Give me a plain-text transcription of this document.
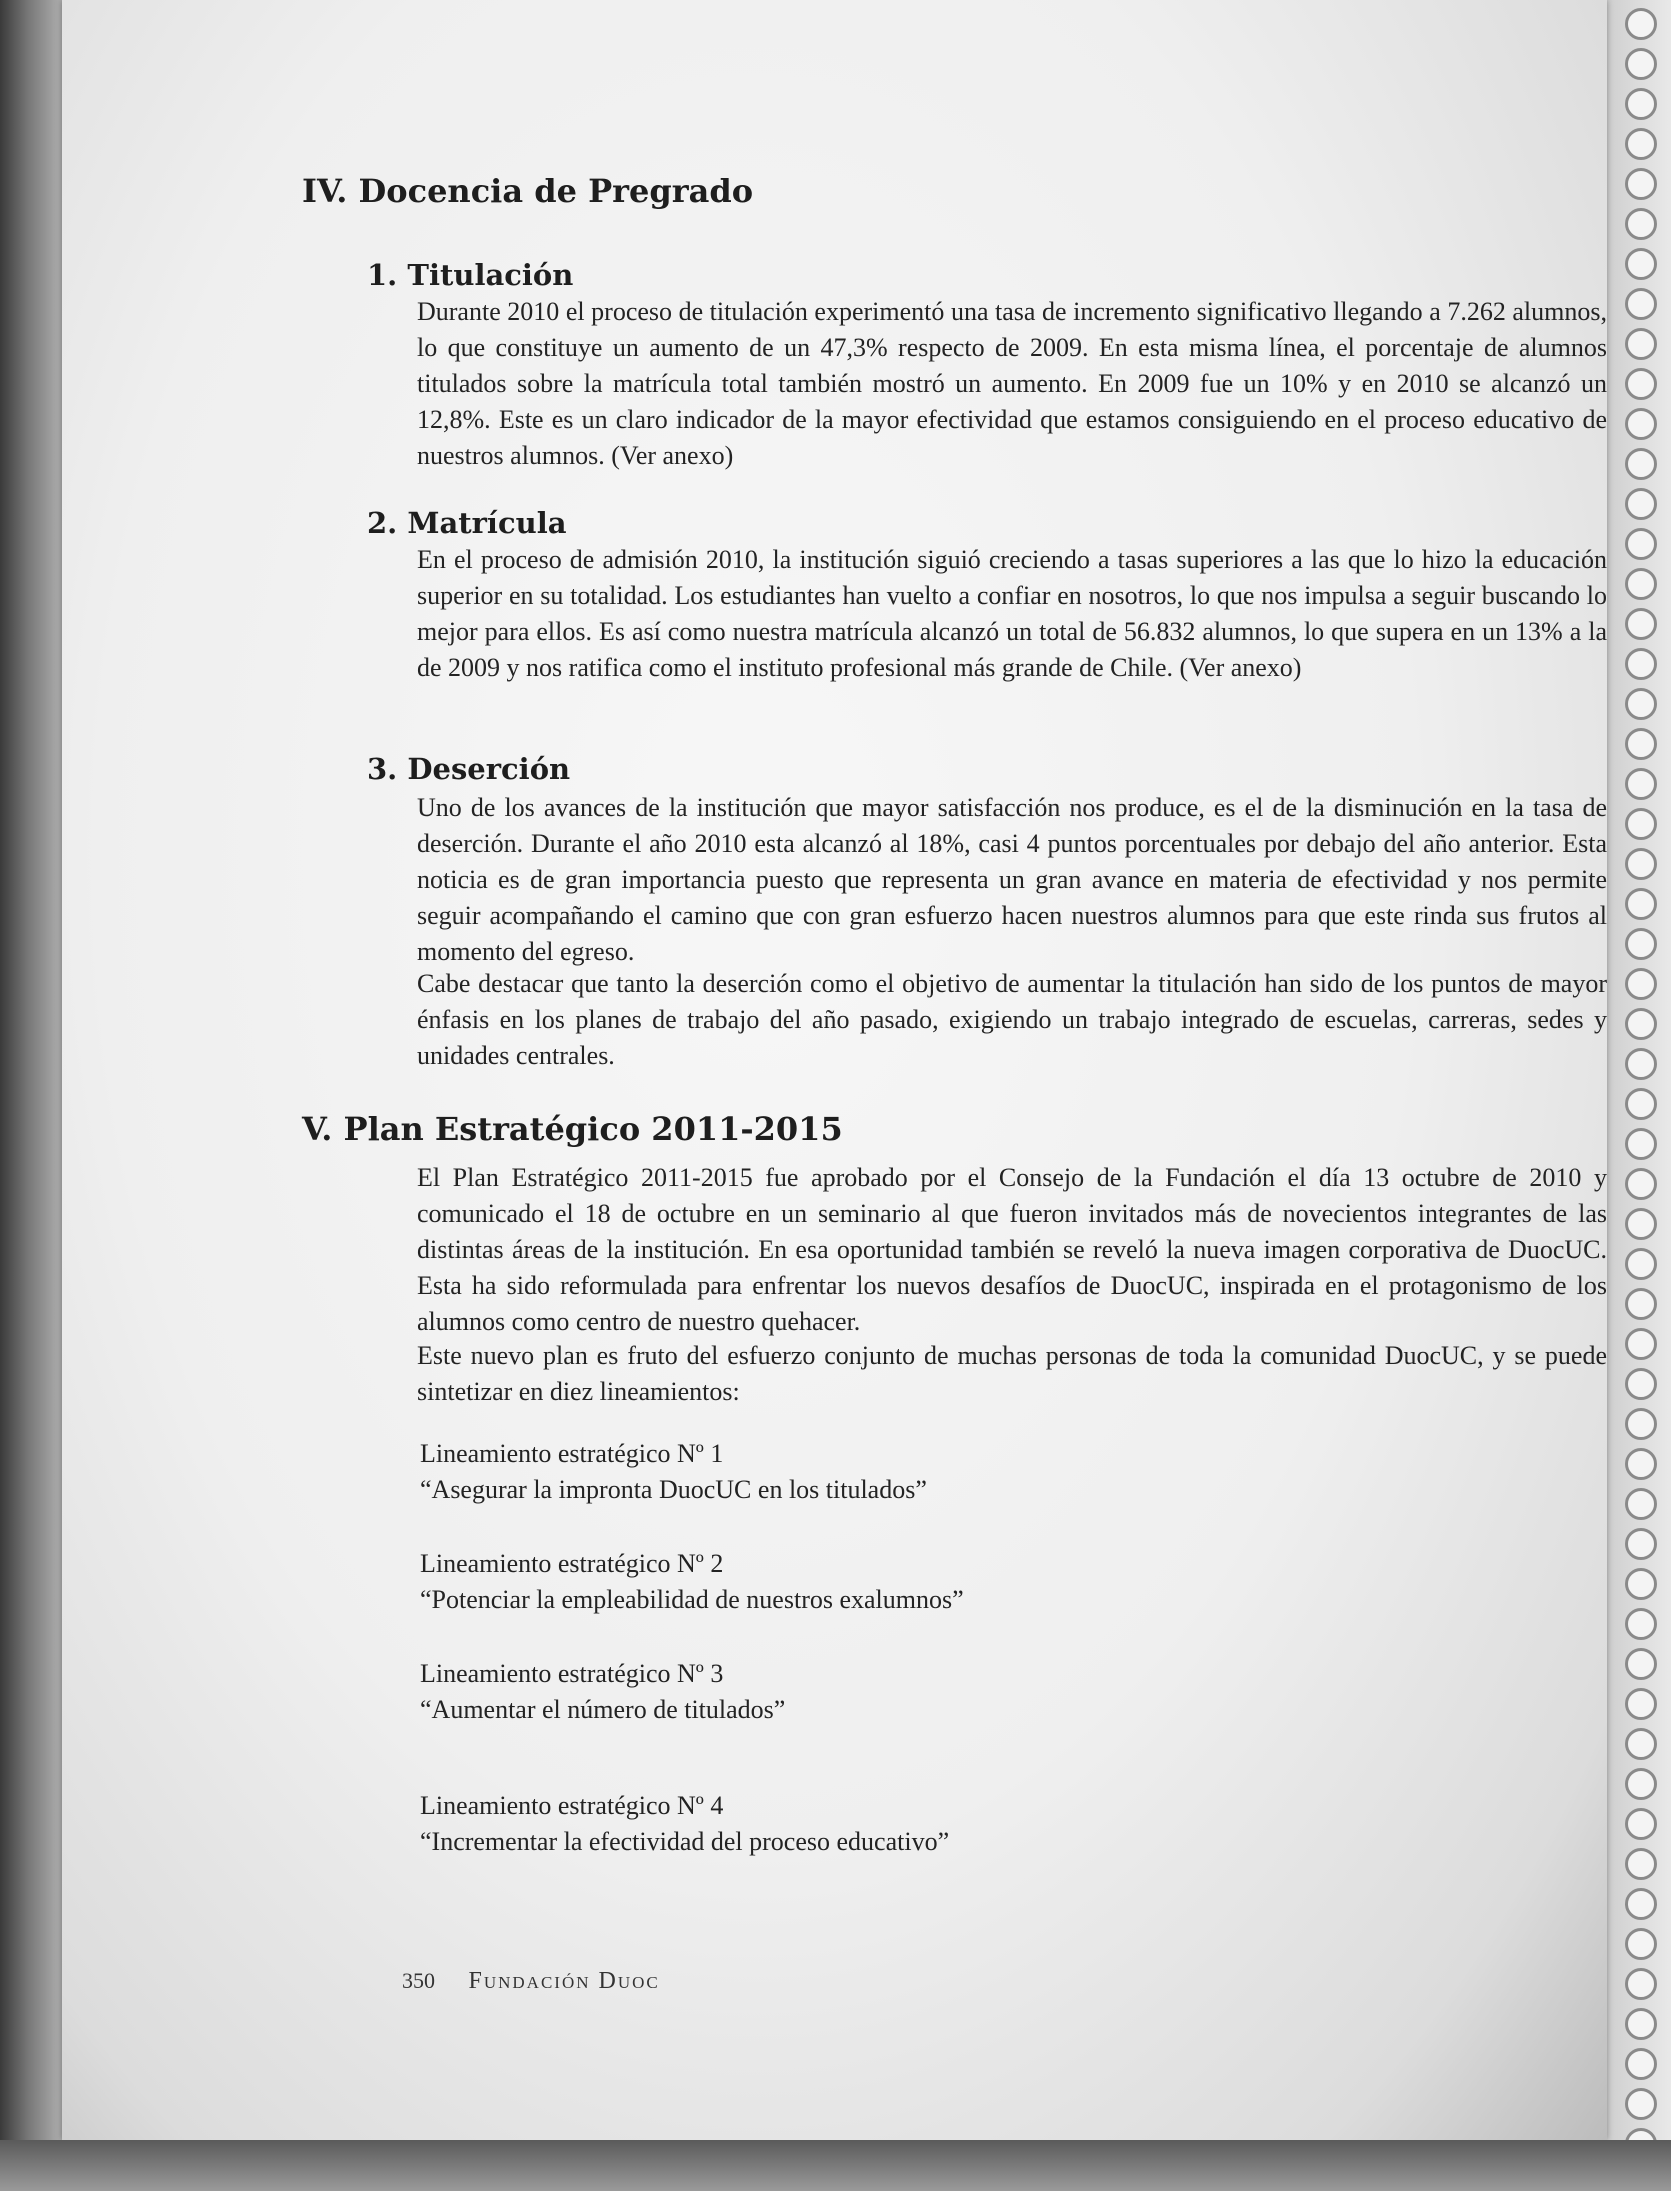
IV. Docencia de Pregrado
1. Titulación

Durante 2010 el proceso de titulación experimentó una tasa de incremento significativo llegando a 7.262 alumnos, lo que constituye un aumento de un 47,3% respecto de 2009. En esta misma línea, el porcentaje de alumnos titulados sobre la matrícula total también mostró un aumento. En 2009 fue un 10% y en 2010 se alcanzó un 12,8%. Este es un claro indicador de la mayor efectividad que estamos consiguiendo en el proceso educativo de nuestros alumnos. (Ver anexo)

2. Matrícula

En el proceso de admisión 2010, la institución siguió creciendo a tasas superiores a las que lo hizo la educación superior en su totalidad. Los estudiantes han vuelto a confiar en nosotros, lo que nos impulsa a seguir buscando lo mejor para ellos. Es así como nuestra matrícula alcanzó un total de 56.832 alumnos, lo que supera en un 13% a la de 2009 y nos ratifica como el instituto profesional más grande de Chile. (Ver anexo)

3. Deserción

Uno de los avances de la institución que mayor satisfacción nos produce, es el de la disminución en la tasa de deserción. Durante el año 2010 esta alcanzó al 18%, casi 4 puntos porcentuales por debajo del año anterior. Esta noticia es de gran importancia puesto que representa un gran avance en materia de efectividad y nos permite seguir acompañando el camino que con gran esfuerzo hacen nuestros alumnos para que este rinda sus frutos al momento del egreso.

Cabe destacar que tanto la deserción como el objetivo de aumentar la titulación han sido de los puntos de mayor énfasis en los planes de trabajo del año pasado, exigiendo un trabajo integrado de escuelas, carreras, sedes y unidades centrales.

V. Plan Estratégico 2011-2015

El Plan Estratégico 2011-2015 fue aprobado por el Consejo de la Fundación el día 13 octubre de 2010 y comunicado el 18 de octubre en un seminario al que fueron invitados más de novecientos integrantes de las distintas áreas de la institución. En esa oportunidad también se reveló la nueva imagen corporativa de DuocUC. Esta ha sido reformulada para enfrentar los nuevos desafíos de DuocUC, inspirada en el protagonismo de los alumnos como centro de nuestro quehacer.

Este nuevo plan es fruto del esfuerzo conjunto de muchas personas de toda la comunidad DuocUC, y se puede sintetizar en diez lineamientos:

Lineamiento estratégico Nº 1

“Asegurar la impronta DuocUC en los titulados”

Lineamiento estratégico Nº 2

“Potenciar la empleabilidad de nuestros exalumnos”

Lineamiento estratégico Nº 3

“Aumentar el número de titulados”

Lineamiento estratégico Nº 4

“Incrementar la efectividad del proceso educativo”

350 Fundación Duoc
